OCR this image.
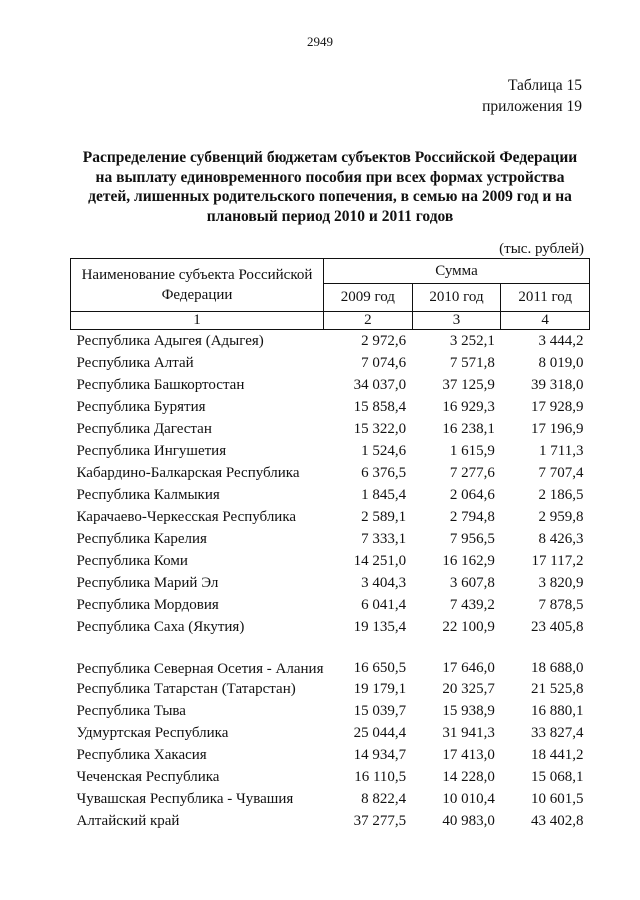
2949
Таблица 15
приложения 19
Распределение субвенций бюджетам субъектов Российской Федерации
на выплату единовременного пособия при всех формах устройства
детей, лишенных родительского попечения, в семью на 2009 год и на
плановый период 2010 и 2011 годов
(тыс. рублей)
Наименование субъекта Российской Федерации	Сумма		
	2009 год	2010 год	2011 год
1	2	3	4
Республика Адыгея (Адыгея)	2 972,6	3 252,1	3 444,2
Республика Алтай	7 074,6	7 571,8	8 019,0
Республика Башкортостан	34 037,0	37 125,9	39 318,0
Республика Бурятия	15 858,4	16 929,3	17 928,9
Республика Дагестан	15 322,0	16 238,1	17 196,9
Республика Ингушетия	1 524,6	1 615,9	1 711,3
Кабардино-Балкарская Республика	6 376,5	7 277,6	7 707,4
Республика Калмыкия	1 845,4	2 064,6	2 186,5
Карачаево-Черкесская Республика	2 589,1	2 794,8	2 959,8
Республика Карелия	7 333,1	7 956,5	8 426,3
Республика Коми	14 251,0	16 162,9	17 117,2
Республика Марий Эл	3 404,3	3 607,8	3 820,9
Республика Мордовия	6 041,4	7 439,2	7 878,5
Республика Саха (Якутия)	19 135,4	22 100,9	23 405,8
Республика Северная Осетия - Алания	16 650,5	17 646,0	18 688,0
Республика Татарстан (Татарстан)	19 179,1	20 325,7	21 525,8
Республика Тыва	15 039,7	15 938,9	16 880,1
Удмуртская Республика	25 044,4	31 941,3	33 827,4
Республика Хакасия	14 934,7	17 413,0	18 441,2
Чеченская Республика	16 110,5	14 228,0	15 068,1
Чувашская Республика - Чувашия	8 822,4	10 010,4	10 601,5
Алтайский край	37 277,5	40 983,0	43 402,8
